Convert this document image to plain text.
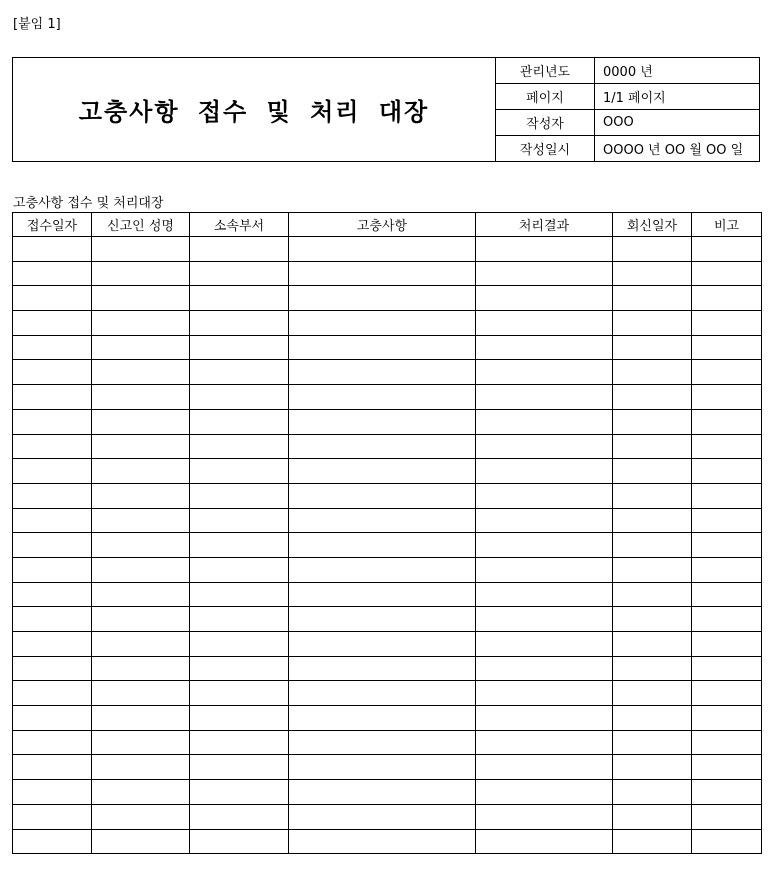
[붙임 1]
고충사항 접수 및 처리 대장
관리년도	0000 년
페이지	1/1 페이지
작성자	OOO
작성일시	OOOO 년 OO 월 OO 일
고충사항 접수 및 처리대장
접수일자	신고인 성명	소속부서	고충사항	처리결과	회신일자	비고
